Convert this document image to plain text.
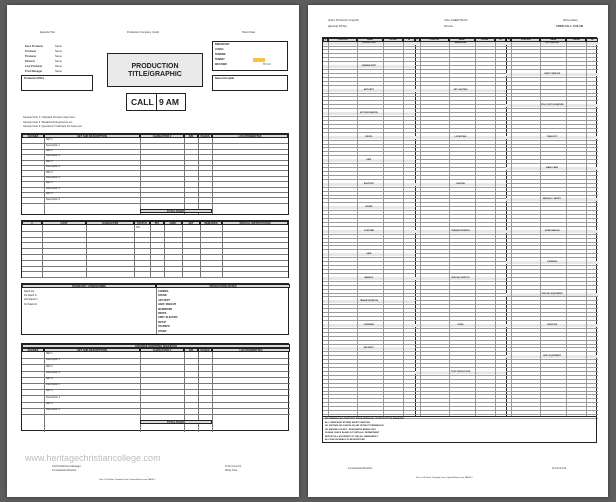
Episode Title	Production Company Credit	Shoot Date
Exec Producer	Name
Producer	Name
Producer	Name
Director	Name
Line Producer	Name
Prod Manager	Name
PRODUCTION
TITLE/GRAPHIC
CALL 9 AM
BREAKFAST
LUNCH
SUNRISE
SUNSET
WEATHER	HI / LO
Nearest Hospital
Production Office
Sample Note 1: Indicated all-caps notes here
Sample Note 2: Weather/arrangements etc
Sample Note 3: Questions? Call back the base pax
SCENES	SET AND DESCRIPTION	CHARACTER #	D/N	PAGES	LOCATION/NOTES
SET 1
Description 1
SET 2
Description 2
SET 3
Description 3
SET 4
Description 4
SET 5
Description 5
SET 6
Description 6
TOTAL PAGES
#	CAST	CHARACTER	STATUS	P/U	H/MU	SET	REMARKS	SPECIAL INSTRUCTIONS
SW
STAND-INS / ATMOSPHERE	PRODUCTION NOTES
Stand-Ins
1st Stand In
2nd Stand In
3rd Stand In
CAMERA
SOUND
ART DEPT
HAIR / MAKEUP
WARDROBE
PROPS
GRIP / ELECTRIC
SETUP
TRANSPO
OTHER
ADVANCE SHOOTING SCHEDULE
SCENES	SET AND DESCRIPTION	CHARACTER #	D/N	PAGES	LOCATION/NOTES
SET 1
Description 1
SET 2
Description 2
SET 3
Description 3
SET 4
Description 4
SET 5
Description 5
TOTAL PAGES
www.heritagechristiancollege.com
Unit Production Manager
1st Assistant Director
Time Crew Fit
Wrap Time
Free Call Sheet Template from OptimalSheet.com PAGE 1
[Insert Production Graphic]	CALL SHEET BACK	[Shoot Date]
[Episode #/Title]	Director	CREW CALL: 8:00 AM
#	POSITION	NAME	PHONE	IN
PRODUCTION
CAMERA DEPT
ART DEPT
SET DECORATION
PROPS
GRIP
ELECTRIC
SOUND
COSTUME
HAIR
MAKEUP
TRANSPORTATION
CATERING
SECURITY
#	POSITION	NAME	PHONE	IN
WARDROBE
SET LIGHTING
LOCATIONS
CASTING
TRANSPORTATION
SPECIAL EFFECTS
VIDEO
POST PRODUCTION
#	POSITION	NAME	PHONE	IN
ACCOUNTING
CRAFT SERVICE
STILL PHOTOGRAPHER
PUBLICITY
BASE CAMP
MEDICAL / SAFETY
HONEYWAGON
CATERING
SPECIAL EQUIPMENT
VEHICLES
MISC EQUIPMENT
NO FORCED CALLS WITHOUT PRIOR APPROVAL OF PRODUCTION MANAGER
ALL CREW MUST ATTEND SAFETY MEETING
NO VISITORS OR GUESTS ON SET WITHOUT PERMISSION
NO SMOKING ON SET - DESIGNATED AREAS ONLY
PLEASE CHECK IN AND OUT WITH A.D. DEPARTMENT
REPORT ALL ACCIDENTS TO THE A.D. IMMEDIATELY
ALL RUN-ON MEALS TO BE APPROVED
1st Assistant Director	2nd 2nd A.D.
Free Call Sheet Template from OptimalSheet.com PAGE 2
